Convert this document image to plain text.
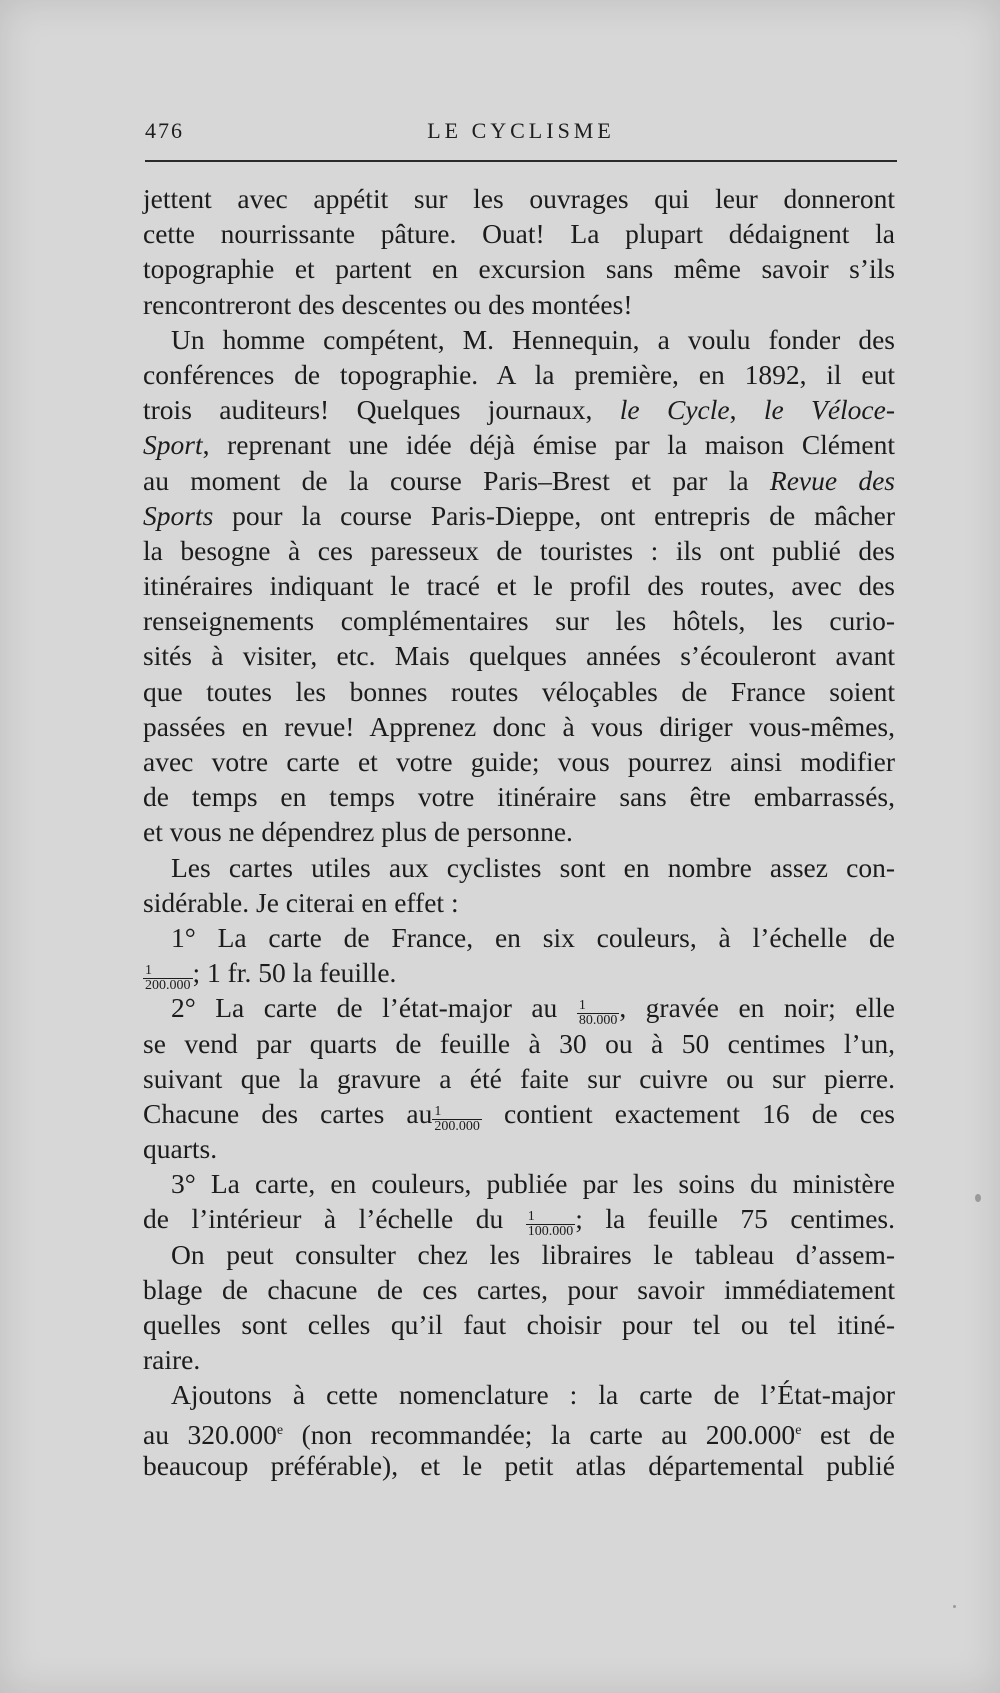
476	LE CYCLISME
jettent avec appétit sur les ouvrages qui leur donneront
cette nourrissante pâture. Ouat! La plupart dédaignent la
topographie et partent en excursion sans même savoir s’ils
rencontreront des descentes ou des montées!
Un homme compétent, M. Hennequin, a voulu fonder des
conférences de topographie. A la première, en 1892, il eut
trois auditeurs! Quelques journaux, le Cycle, le Véloce-
Sport, reprenant une idée déjà émise par la maison Clément
au moment de la course Paris–Brest et par la Revue des
Sports pour la course Paris-Dieppe, ont entrepris de mâcher
la besogne à ces paresseux de touristes : ils ont publié des
itinéraires indiquant le tracé et le profil des routes, avec des
renseignements complémentaires sur les hôtels, les curio-
sités à visiter, etc. Mais quelques années s’écouleront avant
que toutes les bonnes routes véloçables de France soient
passées en revue! Apprenez donc à vous diriger vous-mêmes,
avec votre carte et votre guide; vous pourrez ainsi modifier
de temps en temps votre itinéraire sans être embarrassés,
et vous ne dépendrez plus de personne.
Les cartes utiles aux cyclistes sont en nombre assez con-
sidérable. Je citerai en effet :
1° La carte de France, en six couleurs, à l’échelle de
$\frac{1}{200.000}$ ; 1 fr. 50 la feuille.
2° La carte de l’état-major au $\frac{1}{80.000}$ , gravée en noir; elle
se vend par quarts de feuille à 30 ou à 50 centimes l’un,
suivant que la gravure a été faite sur cuivre ou sur pierre.
Chacune des cartes au $\frac{1}{200.000}$ contient exactement 16 de ces
quarts.
3° La carte, en couleurs, publiée par les soins du ministère
de l’intérieur à l’échelle du $\frac{1}{100.000}$ ; la feuille 75 centimes.
On peut consulter chez les libraires le tableau d’assem-
blage de chacune de ces cartes, pour savoir immédiatement
quelles sont celles qu’il faut choisir pour tel ou tel itiné-
raire.
Ajoutons à cette nomenclature : la carte de l’État-major
au 320.000e (non recommandée; la carte au 200.000e est de
beaucoup préférable), et le petit atlas départemental publié
